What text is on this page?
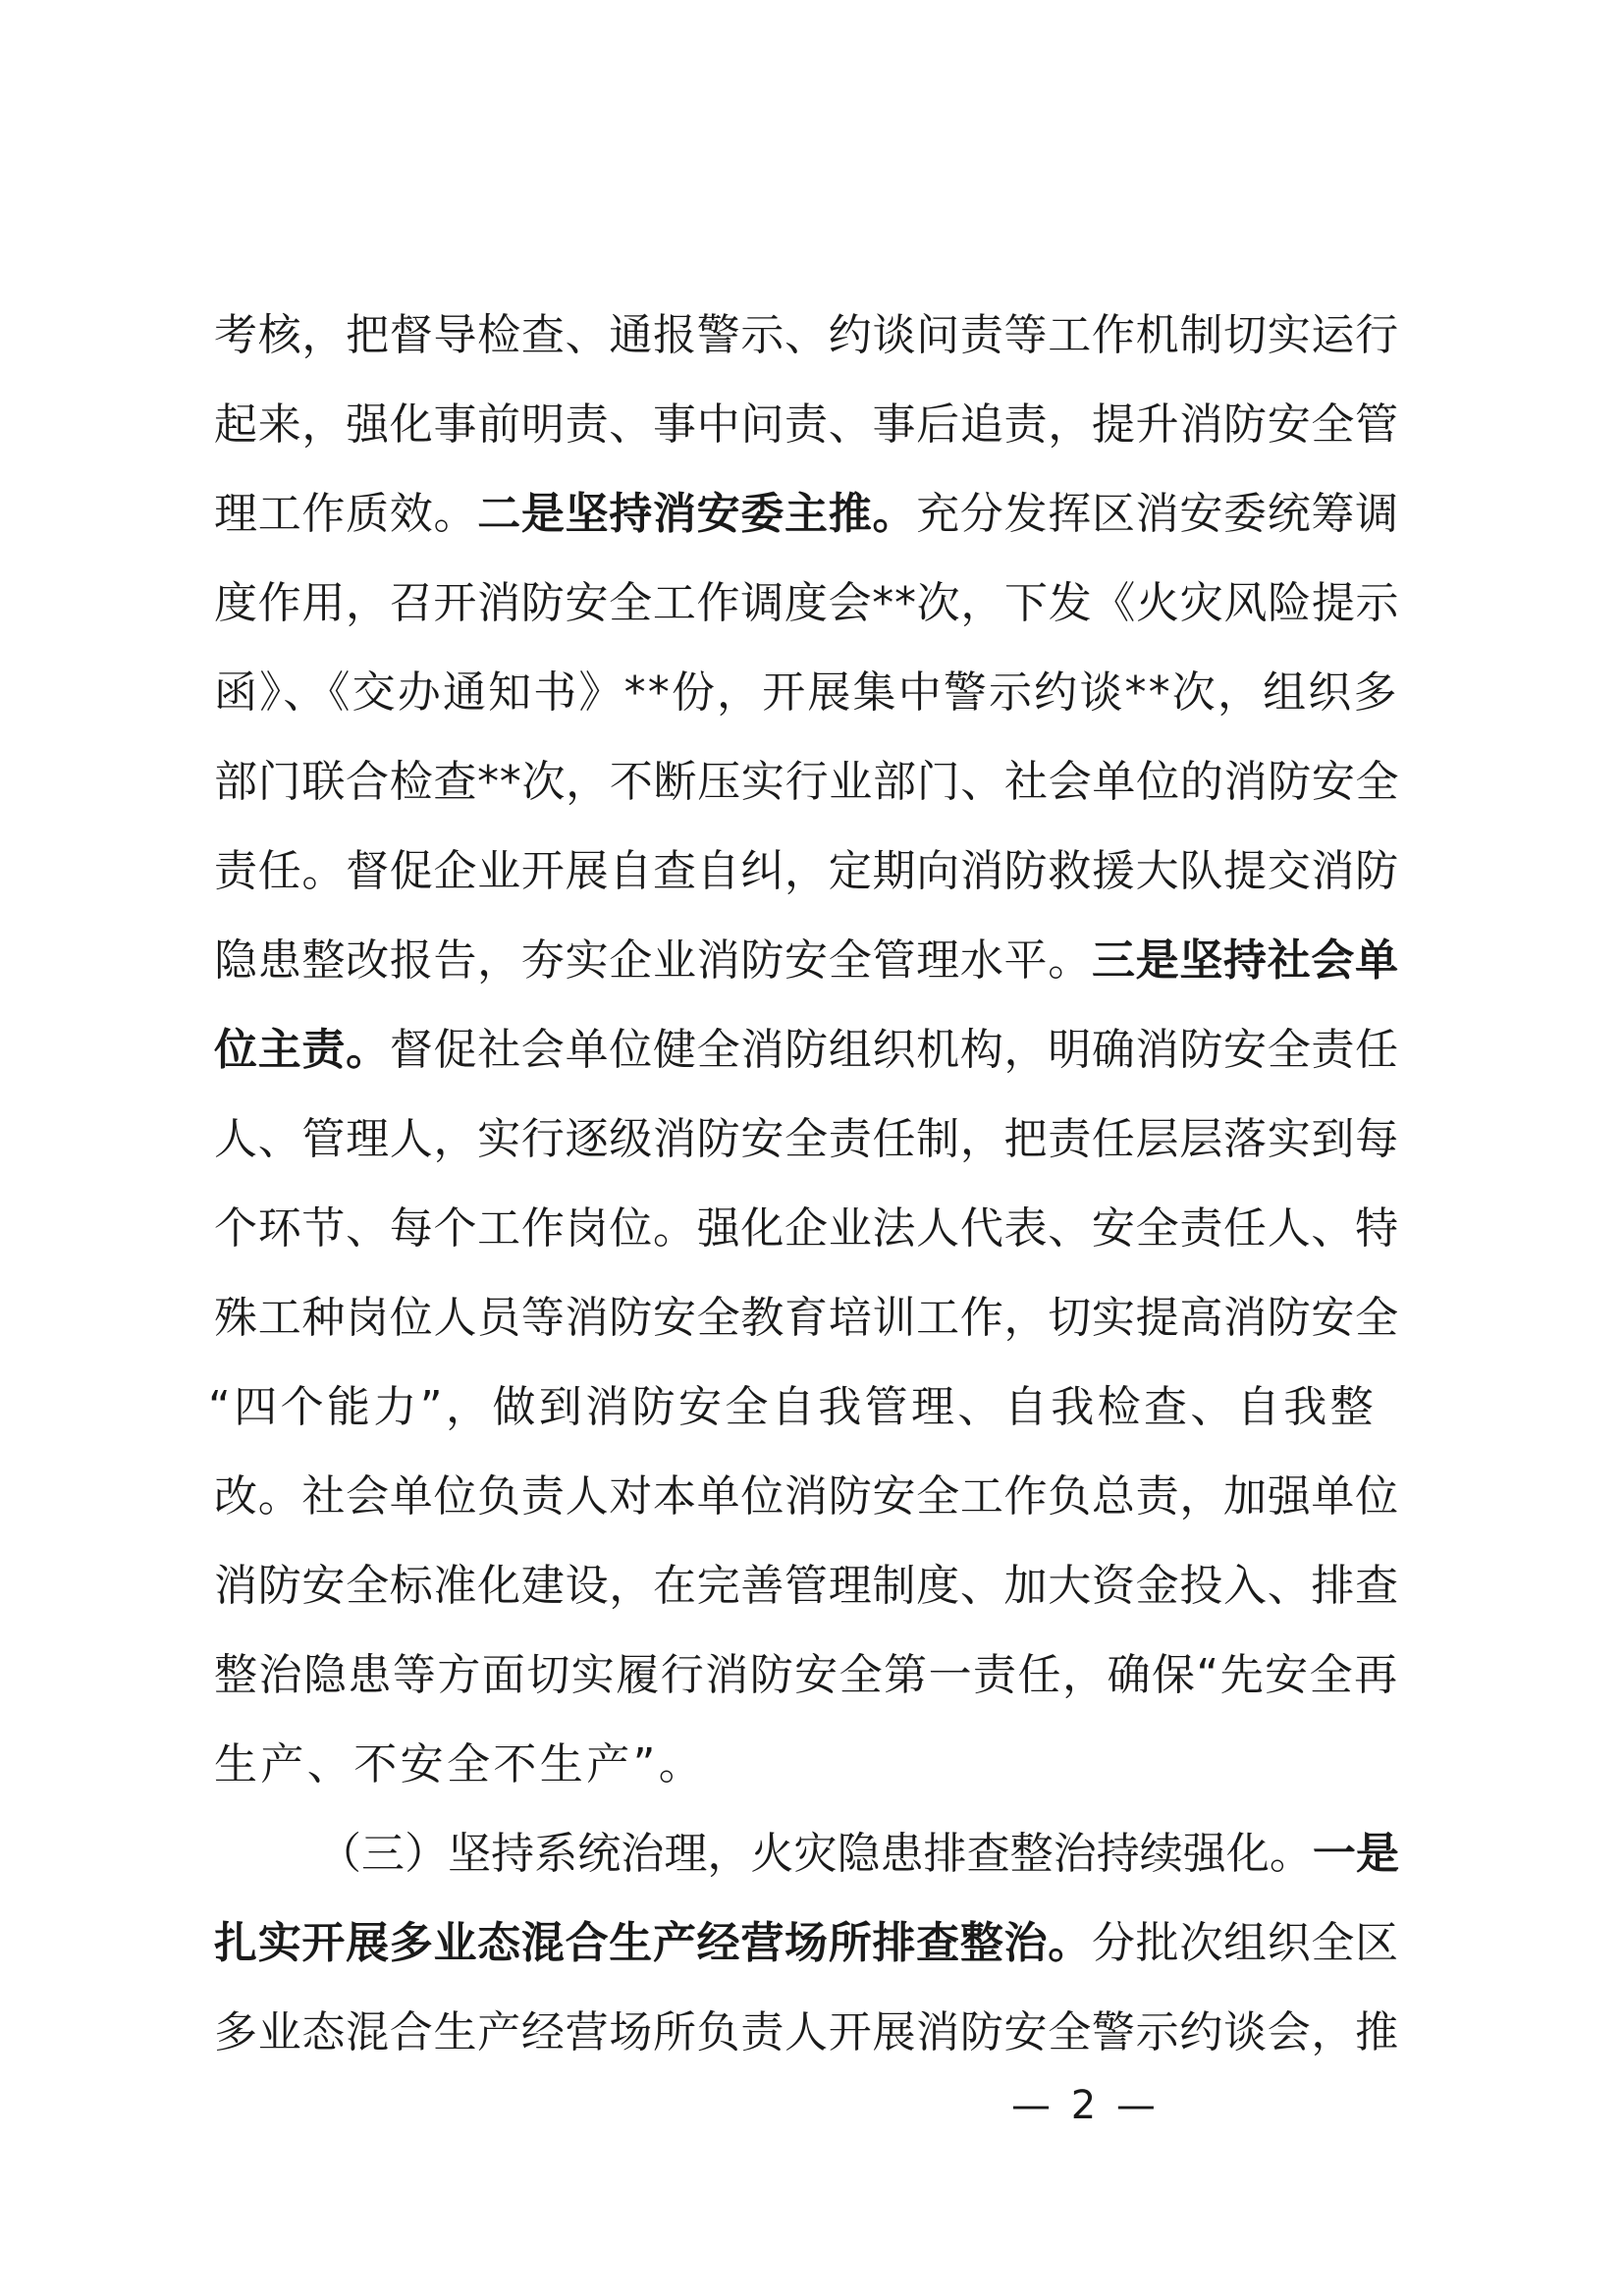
考核，把督导检查、通报警示、约谈问责等工作机制切实运行
起来，强化事前明责、事中问责、事后追责，提升消防安全管
理工作质效。二是坚持消安委主推。充分发挥区消安委统筹调
度作用，召开消防安全工作调度会**次，下发《火灾风险提示
函》、《交办通知书》**份，开展集中警示约谈**次，组织多
部门联合检查**次，不断压实行业部门、社会单位的消防安全
责任。督促企业开展自查自纠，定期向消防救援大队提交消防
隐患整改报告，夯实企业消防安全管理水平。三是坚持社会单
位主责。督促社会单位健全消防组织机构，明确消防安全责任
人、管理人，实行逐级消防安全责任制，把责任层层落实到每
个环节、每个工作岗位。强化企业法人代表、安全责任人、特
殊工种岗位人员等消防安全教育培训工作，切实提高消防安全
“四个能力”，做到消防安全自我管理、自我检查、自我整
改。社会单位负责人对本单位消防安全工作负总责，加强单位
消防安全标准化建设，在完善管理制度、加大资金投入、排查
整治隐患等方面切实履行消防安全第一责任，确保“先安全再
生产、不安全不生产”。
（三）坚持系统治理，火灾隐患排查整治持续强化。一是
扎实开展多业态混合生产经营场所排查整治。分批次组织全区
多业态混合生产经营场所负责人开展消防安全警示约谈会，推
— 2 —
